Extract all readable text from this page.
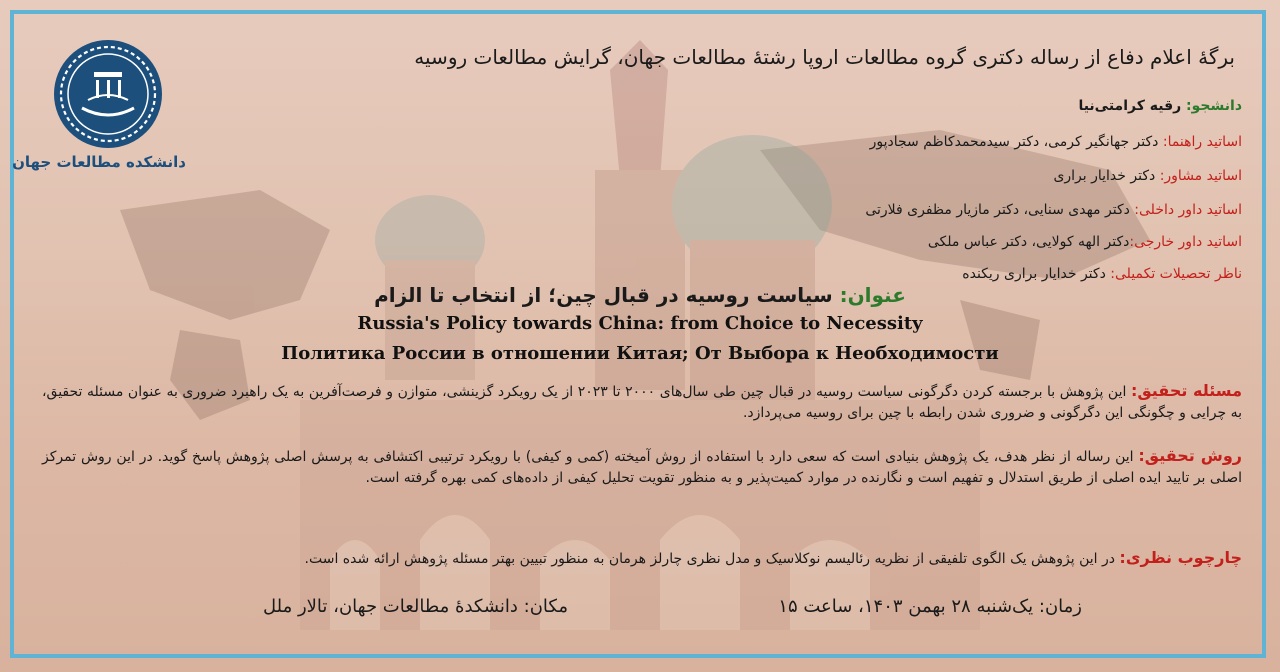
دانشکده مطالعات جهان
برگهٔ اعلام دفاع از رساله دکتری گروه مطالعات اروپا رشتهٔ مطالعات جهان، گرایش مطالعات روسیه
دانشجو: رقیه کرامتی‌نیا
اساتید راهنما: دکتر جهانگیر کرمی، دکتر سیدمحمدکاظم سجادپور
اساتید مشاور: دکتر خدایار براری
اساتید داور داخلی: دکتر مهدی سنایی، دکتر مازیار مظفری فلارتی
اساتید داور خارجی:دکتر الهه کولایی، دکتر عباس ملکی
ناظر تحصیلات تکمیلی: دکتر خدایار براری ریکنده
عنوان: سیاست روسیه در قبال چین؛ از انتخاب تا الزام
Russia's Policy towards China: from Choice to Necessity
Политика России в отношении Китая; От Выбора к Необходимости
مسئله تحقیق: این پژوهش با برجسته کردن دگرگونی سیاست روسیه در قبال چین طی سال‌های ۲۰۰۰ تا ۲۰۲۳ از یک رویکرد گزینشی، متوازن و فرصت‌آفرین به یک راهبرد ضروری به عنوان مسئله تحقیق، به چرایی و چگونگی این دگرگونی و ضروری شدن رابطه با چین برای روسیه می‌پردازد.
روش تحقیق: این رساله از نظر هدف، یک پژوهش بنیادی است که سعی دارد با استفاده از روش آمیخته (کمی و کیفی) با رویکرد ترتیبی اکتشافی به پرسش اصلی پژوهش پاسخ گوید. در این روش تمرکز اصلی بر تایید ایده اصلی از طریق استدلال و تفهیم است و نگارنده در موارد کمیت‌پذیر و به منظور تقویت تحلیل کیفی از داده‌های کمی بهره گرفته است.
چارچوب نظری: در این پژوهش یک الگوی تلفیقی از نظریه رئالیسم نوکلاسیک و مدل نظری چارلز هرمان به منظور تبیین بهتر مسئله پژوهش ارائه شده است.
زمان: یک‌شنبه ۲۸ بهمن ۱۴۰۳، ساعت ۱۵
مکان: دانشکدهٔ مطالعات جهان، تالار ملل
